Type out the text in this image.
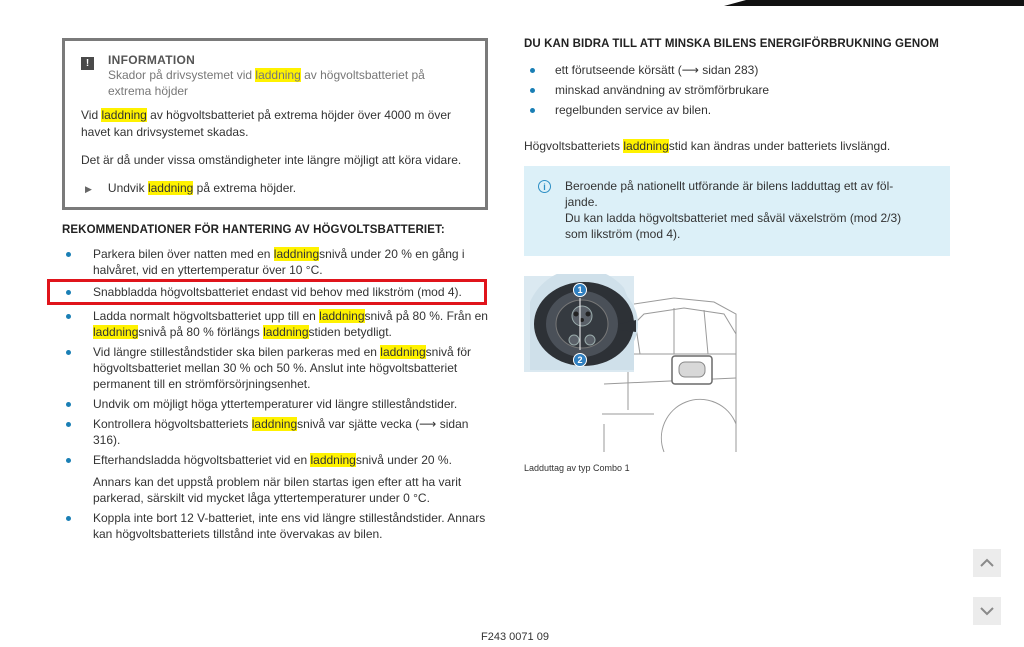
!	INFORMATION
Skador på drivsystemet vid laddning av högvoltsbatteriet på extrema höjder

Vid laddning av högvoltsbatteriet på extrema höjder över 4000 m över havet kan drivsystemet skadas.

Det är då under vissa omständigheter inte längre möjligt att köra vidare.

▶ Undvik laddning på extrema höjder.
REKOMMENDATIONER FÖR HANTERING AV HÖGVOLTSBATTERIET:
Parkera bilen över natten med en laddningsnivå under 20 % en gång i halvåret, vid en yttertemperatur över 10 °C.
Snabbladda högvoltsbatteriet endast vid behov med likström (mod 4).
Ladda normalt högvoltsbatteriet upp till en laddningsnivå på 80 %. Från en laddningsnivå på 80 % förlängs laddningstiden betydligt.
Vid längre stilleståndstider ska bilen parkeras med en laddningsnivå för högvoltsbatteriet mellan 30 % och 50 %. Anslut inte högvoltsbatteriet permanent till en strömförsörjningsenhet.
Undvik om möjligt höga yttertemperaturer vid längre stilleståndstider.
Kontrollera högvoltsbatteriets laddningsnivå var sjätte vecka (⟶ sidan 316).
Efterhandsladda högvoltsbatteriet vid en laddningsnivå under 20 %.
Annars kan det uppstå problem när bilen startas igen efter att ha varit parkerad, särskilt vid mycket låga yttertemperaturer under 0 °C.
Koppla inte bort 12 V-batteriet, inte ens vid längre stilleståndstider. Annars kan högvoltsbatteriets tillstånd inte övervakas av bilen.
DU KAN BIDRA TILL ATT MINSKA BILENS ENERGIFÖRBRUKNING GENOM
ett förutseende körsätt (⟶ sidan 283)
minskad användning av strömförbrukare
regelbunden service av bilen.

Högvoltsbatteriets laddningstid kan ändras under batteriets livslängd.

i	Beroende på nationellt utförande är bilens ladduttag ett av föl-
jande.
Du kan ladda högvoltsbatteriet med såväl växelström (mod 2/3)
som likström (mod 4).
1
2
Ladduttag av typ Combo 1
F243 0071 09
